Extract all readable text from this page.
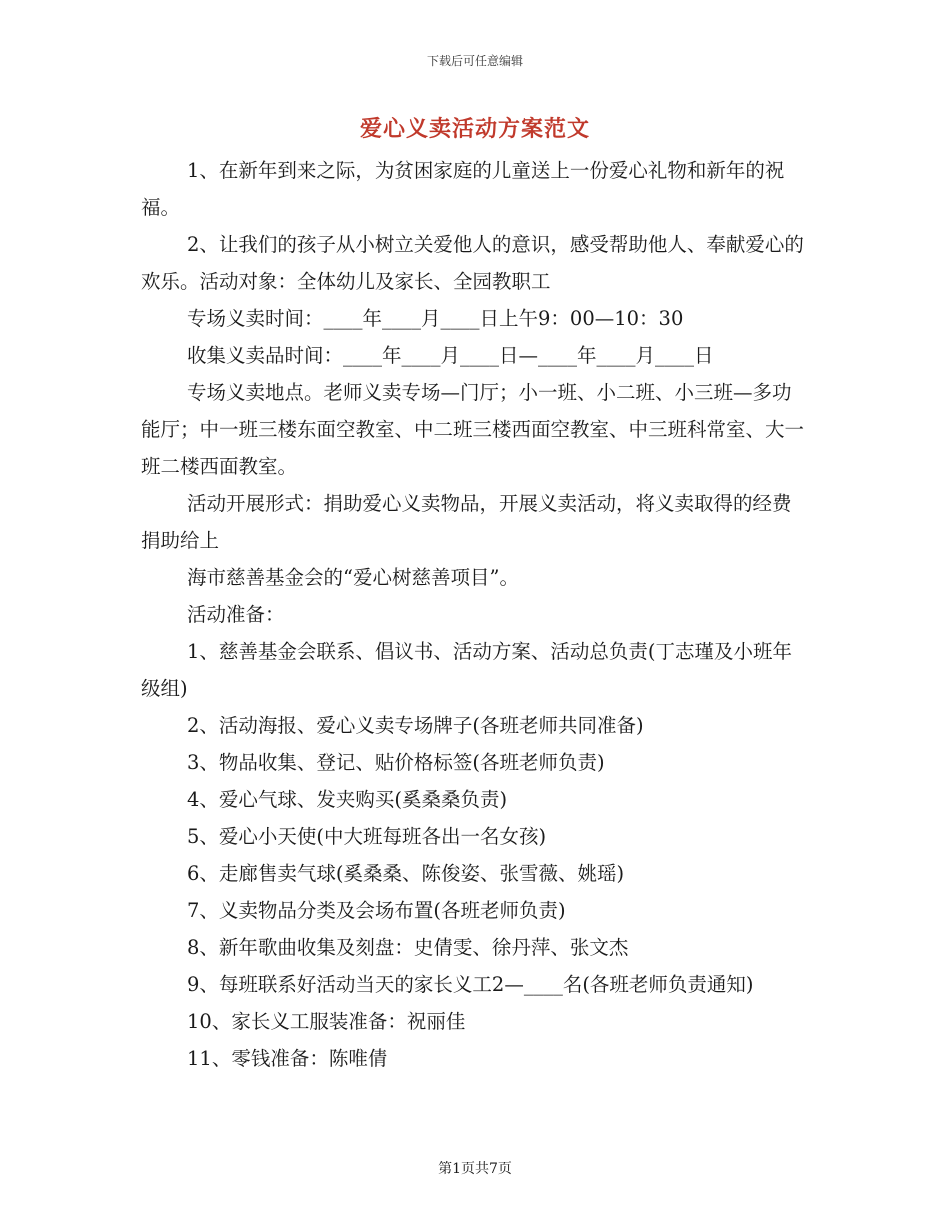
下载后可任意编辑
爱心义卖活动方案范文

1、在新年到来之际，为贫困家庭的儿童送上一份爱心礼物和新年的祝福。

2、让我们的孩子从小树立关爱他人的意识，感受帮助他人、奉献爱心的欢乐。活动对象：全体幼儿及家长、全园教职工

专场义卖时间：____年____月____日上午9：00—10：30

收集义卖品时间：____年____月____日—____年____月____日

专场义卖地点。老师义卖专场—门厅；小一班、小二班、小三班—多功能厅；中一班三楼东面空教室、中二班三楼西面空教室、中三班科常室、大一班二楼西面教室。

活动开展形式：捐助爱心义卖物品，开展义卖活动，将义卖取得的经费捐助给上

海市慈善基金会的“爱心树慈善项目”。

活动准备：

1、慈善基金会联系、倡议书、活动方案、活动总负责(丁志瑾及小班年级组)

2、活动海报、爱心义卖专场牌子(各班老师共同准备)

3、物品收集、登记、贴价格标签(各班老师负责)

4、爱心气球、发夹购买(奚桑桑负责)

5、爱心小天使(中大班每班各出一名女孩)

6、走廊售卖气球(奚桑桑、陈俊姿、张雪薇、姚瑶)

7、义卖物品分类及会场布置(各班老师负责)

8、新年歌曲收集及刻盘：史倩雯、徐丹萍、张文杰

9、每班联系好活动当天的家长义工2—____名(各班老师负责通知)

10、家长义工服装准备：祝丽佳

11、零钱准备：陈唯倩

第1页共7页
